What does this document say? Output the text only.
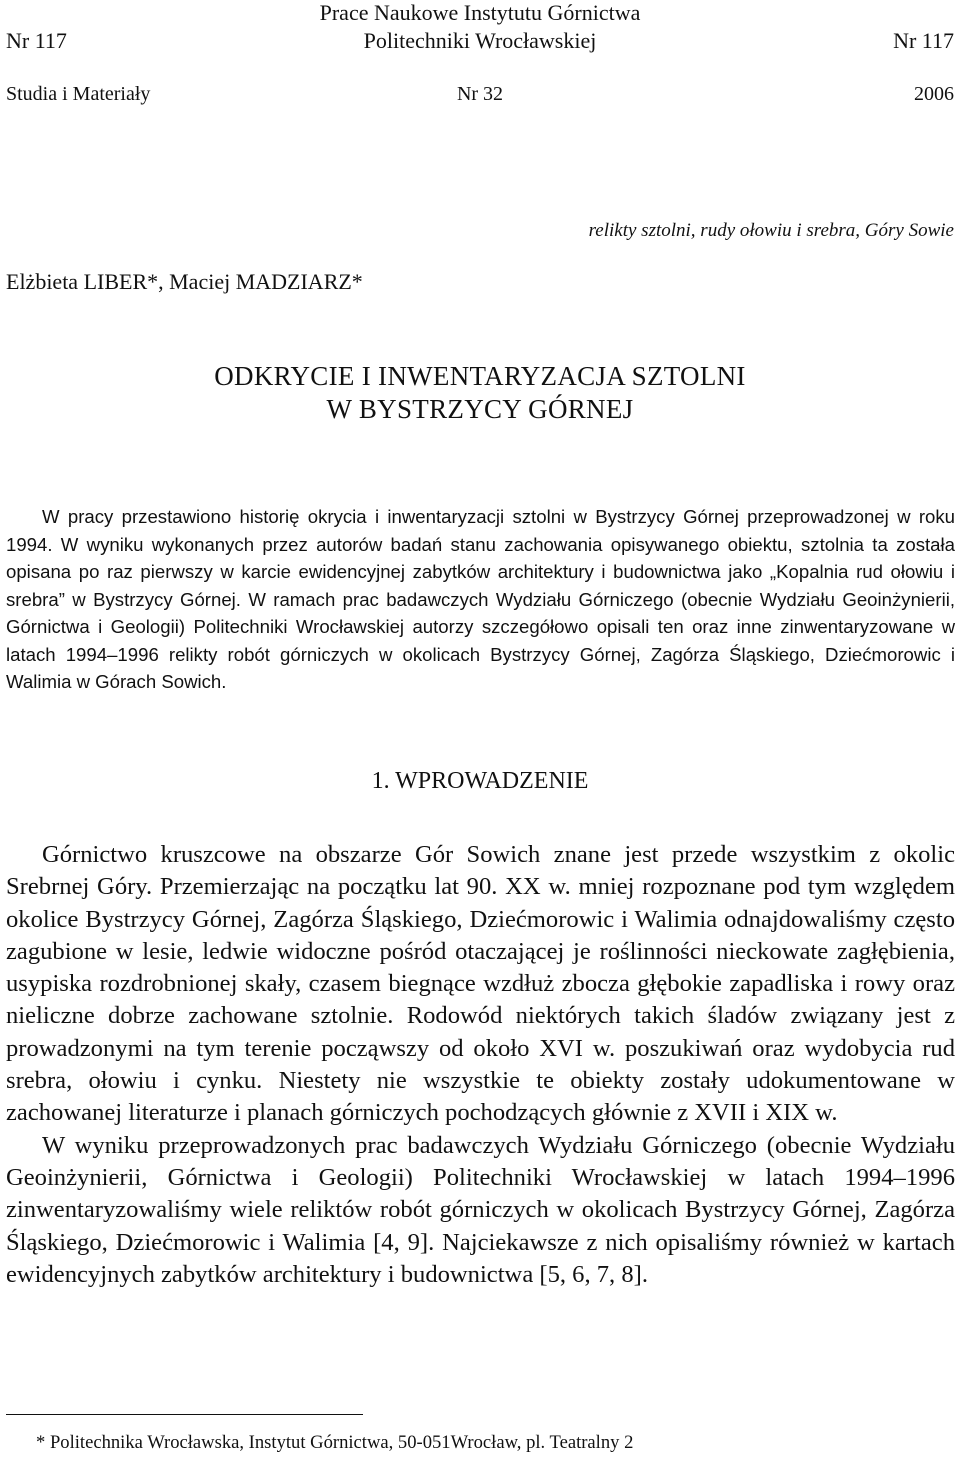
Prace Naukowe Instytutu Górnictwa
Politechniki Wrocławskiej
Nr 117	Nr 117
Studia i Materiały	Nr 32	2006
relikty sztolni, rudy ołowiu i srebra, Góry Sowie
Elżbieta LIBER*, Maciej MADZIARZ*
ODKRYCIE I INWENTARYZACJA SZTOLNI
W BYSTRZYCY GÓRNEJ
W pracy przestawiono historię okrycia i inwentaryzacji sztolni w Bystrzycy Górnej przeprowadzonej w roku 1994. W wyniku wykonanych przez autorów badań stanu zachowania opisywanego obiektu, sztolnia ta została opisana po raz pierwszy w karcie ewidencyjnej zabytków architektury i budownictwa jako „Kopalnia rud ołowiu i srebra” w Bystrzycy Górnej. W ramach prac badawczych Wydziału Górniczego (obecnie Wydziału Geoinżynierii, Górnictwa i Geologii) Politechniki Wrocławskiej autorzy szczegółowo opisali ten oraz inne zinwentaryzowane w latach 1994–1996 relikty robót górniczych w okolicach Bystrzycy Górnej, Zagórza Śląskiego, Dziećmorowic i Walimia w Górach Sowich.
1. WPROWADZENIE

Górnictwo kruszcowe na obszarze Gór Sowich znane jest przede wszystkim z okolic Srebrnej Góry. Przemierzając na początku lat 90. XX w. mniej rozpoznane pod tym względem okolice Bystrzycy Górnej, Zagórza Śląskiego, Dziećmorowic i Walimia odnajdowaliśmy często zagubione w lesie, ledwie widoczne pośród otaczającej je roślinności nieckowate zagłębienia, usypiska rozdrobnionej skały, czasem biegnące wzdłuż zbocza głębokie zapadliska i rowy oraz nieliczne dobrze zachowane sztolnie. Rodowód niektórych takich śladów związany jest z prowadzonymi na tym terenie począwszy od około XVI w. poszukiwań oraz wydobycia rud srebra, ołowiu i cynku. Niestety nie wszystkie te obiekty zostały udokumentowane w zachowanej literaturze i planach górniczych pochodzących głównie z XVII i XIX w.

W wyniku przeprowadzonych prac badawczych Wydziału Górniczego (obecnie Wydziału Geoinżynierii, Górnictwa i Geologii) Politechniki Wrocławskiej w latach 1994–1996 zinwentaryzowaliśmy wiele reliktów robót górniczych w okolicach Bystrzycy Górnej, Zagórza Śląskiego, Dziećmorowic i Walimia [4, 9]. Najciekawsze z nich opisaliśmy również w kartach ewidencyjnych zabytków architektury i budownictwa [5, 6, 7, 8].

* Politechnika Wrocławska, Instytut Górnictwa, 50-051Wrocław, pl. Teatralny 2
